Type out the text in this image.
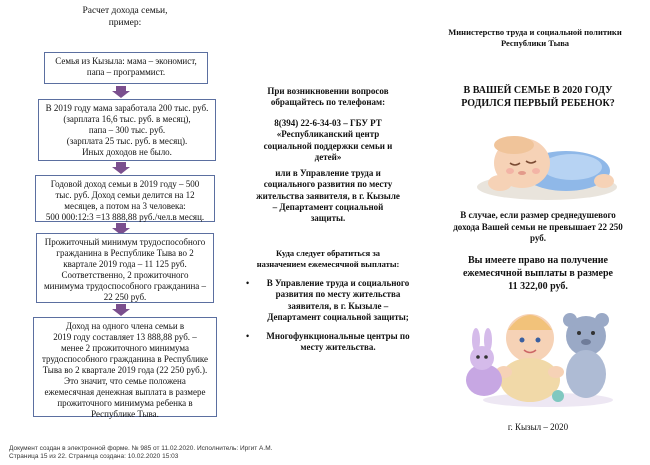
Расчет дохода семьи,
пример:
Семья из Кызыла: мама – экономист,
папа – программист.
В 2019 году мама заработала 200 тыс. руб.
(зарплата 16,6 тыс. руб. в месяц),
папа – 300 тыс. руб.
(зарплата 25 тыс. руб. в месяц).
Иных доходов не было.
Годовой доход семьи в 2019 году – 500
тыс. руб. Доход семьи делится на 12
месяцев, а потом на 3 человека:
500 000:12:3 =13 888,88 руб./чел.в месяц.
Прожиточный минимум трудоспособного
гражданина в Республике Тыва во 2
квартале 2019 года – 11 125 руб.
Соответственно, 2 прожиточного
минимума трудоспособного гражданина –
22 250 руб.
Доход на одного члена семьи в
2019 году составляет 13 888,88 руб. –
менее 2 прожиточного минимума
трудоспособного гражданина в Республике
Тыва во 2 квартале 2019 года (22 250 руб.).
Это значит, что семье положена
ежемесячная денежная выплата в размере
прожиточного минимума ребенка в
Республике Тыва.
При возникновении вопросов
обращайтесь по телефонам:
8(394) 22-6-34-03 – ГБУ РТ
«Республиканский центр
социальной поддержки семьи и
детей»
или в Управление труда и
социального развития по месту
жительства заявителя, в г. Кызыле
– Департамент социальной
защиты.
Куда следует обратиться за
назначением ежемесячной выплаты:
•	В Управление труда и социального
развития по месту жительства
заявителя, в г. Кызыле –
Департамент социальной защиты;
•	Многофункциональные центры по
месту жительства.
Министерство труда и социальной политики
Республики Тыва
В ВАШЕЙ СЕМЬЕ В 2020 ГОДУ
РОДИЛСЯ ПЕРВЫЙ РЕБЕНОК?
В случае, если размер среднедушевого
дохода Вашей семьи не превышает 22 250
руб.
Вы имеете право на получение
ежемесячной выплаты в размере
11 322,00 руб.
г. Кызыл – 2020
Документ создан в электронной форме. № 985 от 11.02.2020. Исполнитель: Иргит А.М.
Страница 15 из 22. Страница создана: 10.02.2020 15:03
